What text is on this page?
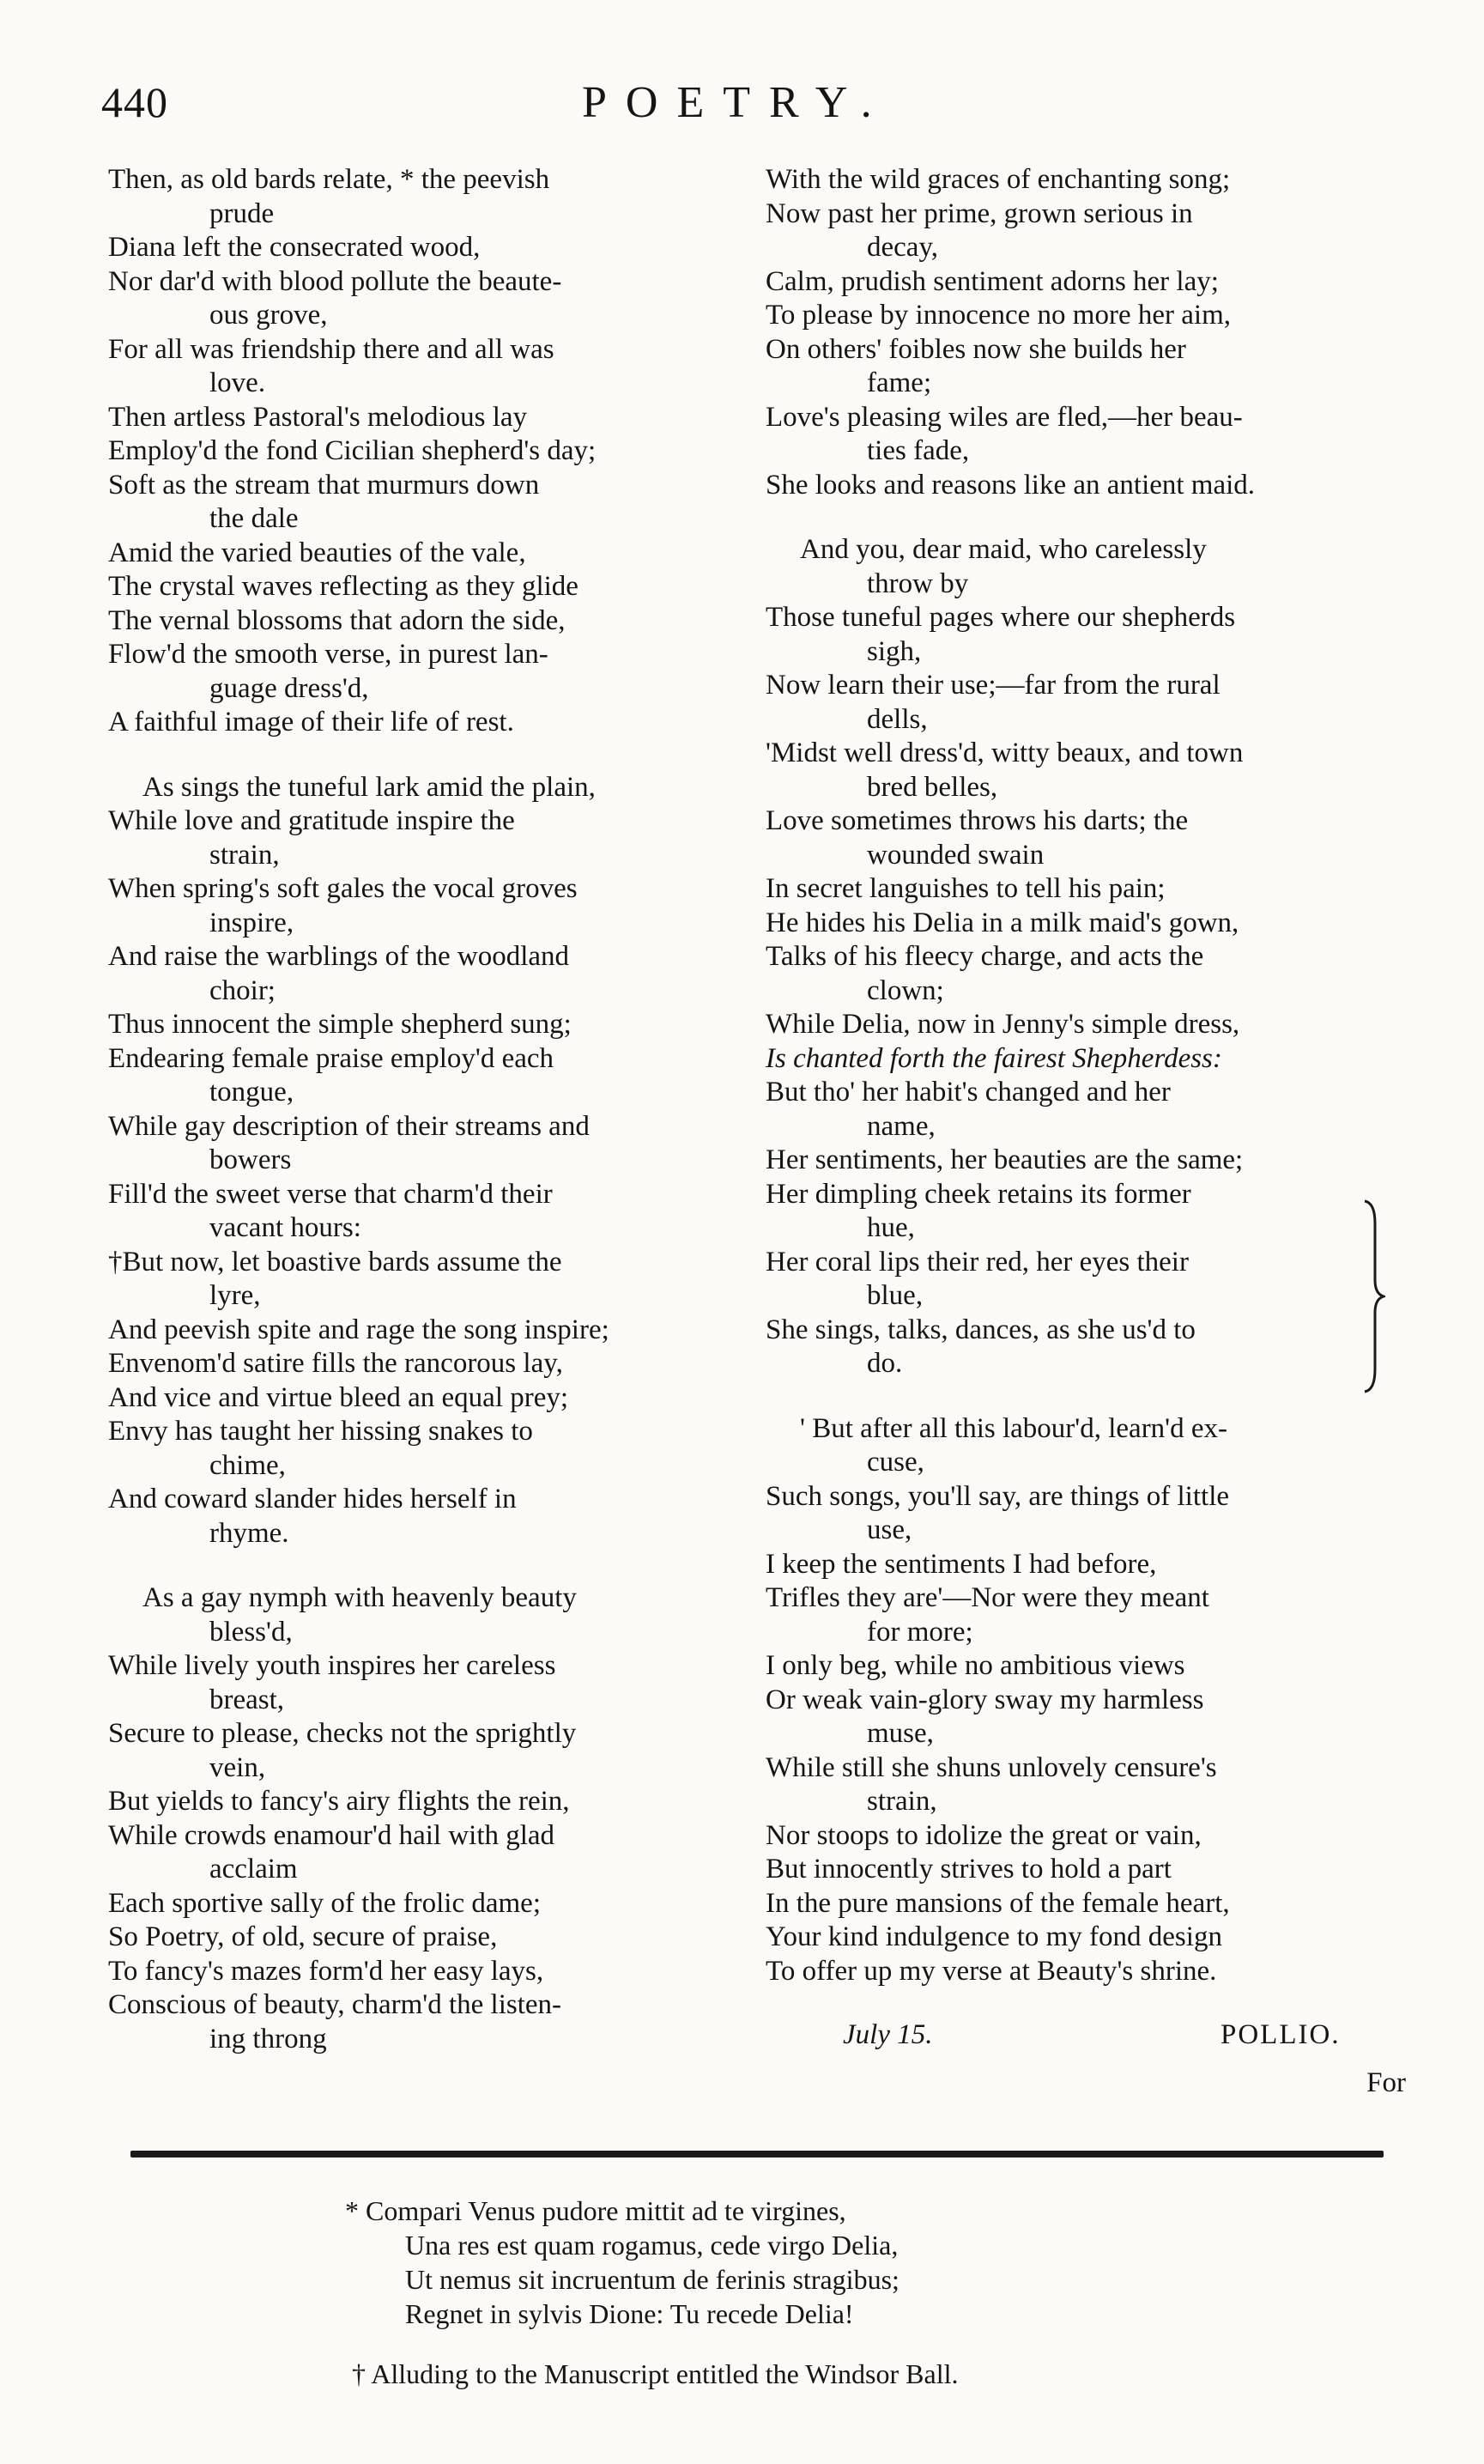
440	POETRY.
Then, as old bards relate, * the peevish
prude
Diana left the consecrated wood,
Nor dar'd with blood pollute the beaute-
ous grove,
For all was friendship there and all was
love.
Then artless Pastoral's melodious lay
Employ'd the fond Cicilian shepherd's day;
Soft as the stream that murmurs down
the dale
Amid the varied beauties of the vale,
The crystal waves reflecting as they glide
The vernal blossoms that adorn the side,
Flow'd the smooth verse, in purest lan-
guage dress'd,
A faithful image of their life of rest.
As sings the tuneful lark amid the plain,
While love and gratitude inspire the
strain,
When spring's soft gales the vocal groves
inspire,
And raise the warblings of the woodland
choir;
Thus innocent the simple shepherd sung;
Endearing female praise employ'd each
tongue,
While gay description of their streams and
bowers
Fill'd the sweet verse that charm'd their
vacant hours:
†But now, let boastive bards assume the
lyre,
And peevish spite and rage the song inspire;
Envenom'd satire fills the rancorous lay,
And vice and virtue bleed an equal prey;
Envy has taught her hissing snakes to
chime,
And coward slander hides herself in
rhyme.
As a gay nymph with heavenly beauty
bless'd,
While lively youth inspires her careless
breast,
Secure to please, checks not the sprightly
vein,
But yields to fancy's airy flights the rein,
While crowds enamour'd hail with glad
acclaim
Each sportive sally of the frolic dame;
So Poetry, of old, secure of praise,
To fancy's mazes form'd her easy lays,
Conscious of beauty, charm'd the listen-
ing throng
With the wild graces of enchanting song;
Now past her prime, grown serious in
decay,
Calm, prudish sentiment adorns her lay;
To please by innocence no more her aim,
On others' foibles now she builds her
fame;
Love's pleasing wiles are fled,—her beau-
ties fade,
She looks and reasons like an antient maid.
And you, dear maid, who carelessly
throw by
Those tuneful pages where our shepherds
sigh,
Now learn their use;—far from the rural
dells,
'Midst well dress'd, witty beaux, and town
bred belles,
Love sometimes throws his darts; the
wounded swain
In secret languishes to tell his pain;
He hides his Delia in a milk maid's gown,
Talks of his fleecy charge, and acts the
clown;
While Delia, now in Jenny's simple dress,
Is chanted forth the fairest Shepherdess:
But tho' her habit's changed and her
name,
Her sentiments, her beauties are the same;
Her dimpling cheek retains its former
hue,
Her coral lips their red, her eyes their
blue,
She sings, talks, dances, as she us'd to
do.
' But after all this labour'd, learn'd ex-
cuse,
Such songs, you'll say, are things of little
use,
I keep the sentiments I had before,
Trifles they are'—Nor were they meant
for more;
I only beg, while no ambitious views
Or weak vain-glory sway my harmless
muse,
While still she shuns unlovely censure's
strain,
Nor stoops to idolize the great or vain,
But innocently strives to hold a part
In the pure mansions of the female heart,
Your kind indulgence to my fond design
To offer up my verse at Beauty's shrine.
July 15.	POLLIO.
For
* Compari Venus pudore mittit ad te virgines,
Una res est quam rogamus, cede virgo Delia,
Ut nemus sit incruentum de ferinis stragibus;
Regnet in sylvis Dione: Tu recede Delia!
† Alluding to the Manuscript entitled the Windsor Ball.
